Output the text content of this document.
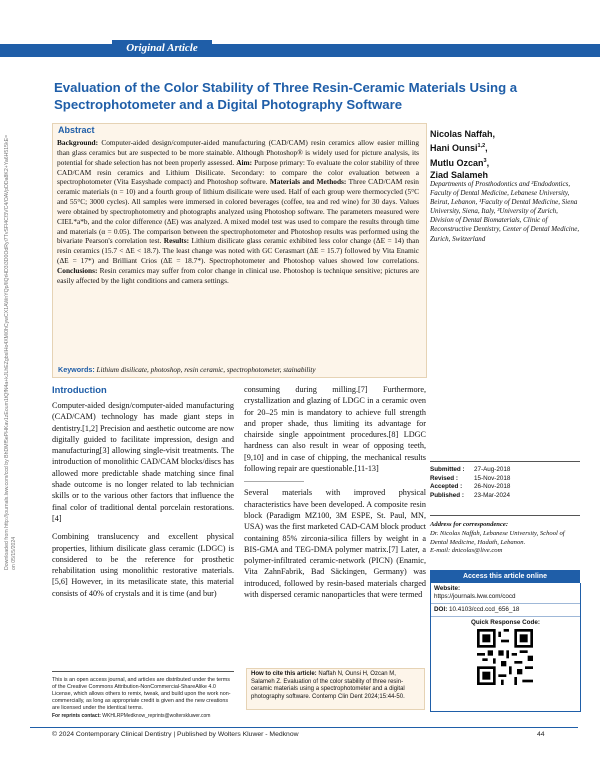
Original Article
Downloaded from http://journals.lww.com/ccd by BhDMf5ePHKav1zEoum1tQfN4a+kJLhEZgbsIHo4XMi0hCywCX1AWnYQp/IlQrHD3i3D0OdRyi7TvSFl4Cf3VC4/OAVpDDa8K2+Ya6H515kE= on 05/15/2024
Evaluation of the Color Stability of Three Resin-Ceramic Materials Using a Spectrophotometer and a Digital Photography Software
Abstract
Background: Computer-aided design/computer-aided manufacturing (CAD/CAM) resin ceramics allow easier milling than glass ceramics but are suspected to be more stainable. Although Photoshop® is widely used for picture analysis, its potential for shade selection has not been properly assessed. Aim: Purpose primary: To evaluate the color stability of three CAD/CAM resin ceramics and Lithium Disilicate. Secondary: to compare the color evaluation between a spectrophotometer (Vita Easyshade compact) and Photoshop software. Materials and Methods: Three CAD/CAM resin ceramic materials (n = 10) and a fourth group of lithium disilicate were used. Half of each group were thermocycled (5°C and 55°C; 3000 cycles). All samples were immersed in colored beverages (coffee, tea and red wine) for 30 days. Values were obtained by spectrophotometry and photographs analyzed using Photoshop software. The parameters measured were CIEL*a*b, and the color difference (ΔE) was analyzed. A mixed model test was used to compare the results through time and materials (α = 0.05). The comparison between the spectrophotometer and Photoshop results was performed using the bivariate Pearson's correlation test. Results: Lithium disilicate glass ceramic exhibited less color change (ΔE = 14) than resin ceramics (15.7 < ΔE < 18.7). The least change was noted with GC Cerasmart (ΔE = 15.7) followed by Vita Enamic (ΔE = 17*) and Brilliant Crios (ΔE = 18.7*). Spectrophotometer and Photoshop values showed low correlations. Conclusions: Resin ceramics may suffer from color change in clinical use. Photoshop is technique sensitive; pictures are easily affected by the light conditions and camera settings.
Keywords: Lithium disilicate, photoshop, resin ceramic, spectrophotometer, stainability
Nicolas Naffah,
Hani Ounsi$^{1,2}$,
Mutlu Ozcan$^3$,
Ziad Salameh
Departments of Prosthodontics and ²Endodontics, Faculty of Dental Medicine, Lebanese University, Beirut, Lebanon, ¹Faculty of Dental Medicine, Siena University, Siena, Italy, ³University of Zurich, Division of Dental Biomaterials, Clinic of Reconstructive Dentistry, Center of Dental Medicine, Zurich, Switzerland
Introduction

Computer-aided design/computer-aided manufacturing (CAD/CAM) technology has made giant steps in dentistry.[1,2] Precision and aesthetic outcome are now digitally guided to facilitate impression, design and manufacturing[3] allowing single-visit treatments. The introduction of monolithic CAD/CAM blocks/discs has allowed more predictable shade matching since final shade outcome is no longer related to lab technician skills or to the various other factors that influence the final color of traditional dental porcelain restorations.[4]

Combining translucency and excellent physical properties, lithium disilicate glass ceramic (LDGC) is considered to be the reference for prosthetic rehabilitation using monolithic restorative materials.[5,6] However, in its metasilicate state, this material consists of 40% of crystals and it is time (and bur)

consuming during milling.[7] Furthermore, crystallization and glazing of LDGC in a ceramic oven for 20–25 min is mandatory to achieve full strength and proper shade, thus limiting its advantage for chairside single appointment procedures.[8] LDGC hardness can also result in wear of opposing teeth,[9,10] and in case of chipping, the mechanical results following repair are questionable.[11-13]

Several materials with improved physical characteristics have been developed. A composite resin block (Paradigm MZ100, 3M ESPE, St. Paul, MN, USA) was the first marketed CAD-CAM block product containing 85% zirconia-silica fillers by weight in a BIS-GMA and TEG-DMA polymer matrix.[7] Later, a polymer-infiltrated ceramic-network (PICN) (Enamic, Vita ZahnFabrik, Bad Säckingen, Germany) was introduced, followed by resin-based materials charged with dispersed ceramic nanoparticles that were termed

This is an open access journal, and articles are distributed under the terms of the Creative Commons Attribution-NonCommercial-ShareAlike 4.0 License, which allows others to remix, tweak, and build upon the work non-commercially, as long as appropriate credit is given and the new creations are licensed under the identical terms.
For reprints contact: WKHLRPMedknow_reprints@wolterskluwer.com
Submitted : 27-Aug-2018
Revised :	15-Nov-2018
Accepted : 26-Nov-2018
Published : 23-Mar-2024
Address for correspondence:
Dr. Nicolas Naffah, Lebanese University, School of Dental Medicine, Hadath, Lebanon.
E-mail: dnicolas@live.com
Access this article online
Website:
https://journals.lww.com/cocd
DOI: 10.4103/ccd.ccd_656_18
Quick Response Code:
How to cite this article: Naffah N, Ounsi H, Ozcan M, Salameh Z. Evaluation of the color stability of three resin-ceramic materials using a spectrophotometer and a digital photography software. Contemp Clin Dent 2024;15:44-50.
© 2024 Contemporary Clinical Dentistry | Published by Wolters Kluwer - Medknow	44
